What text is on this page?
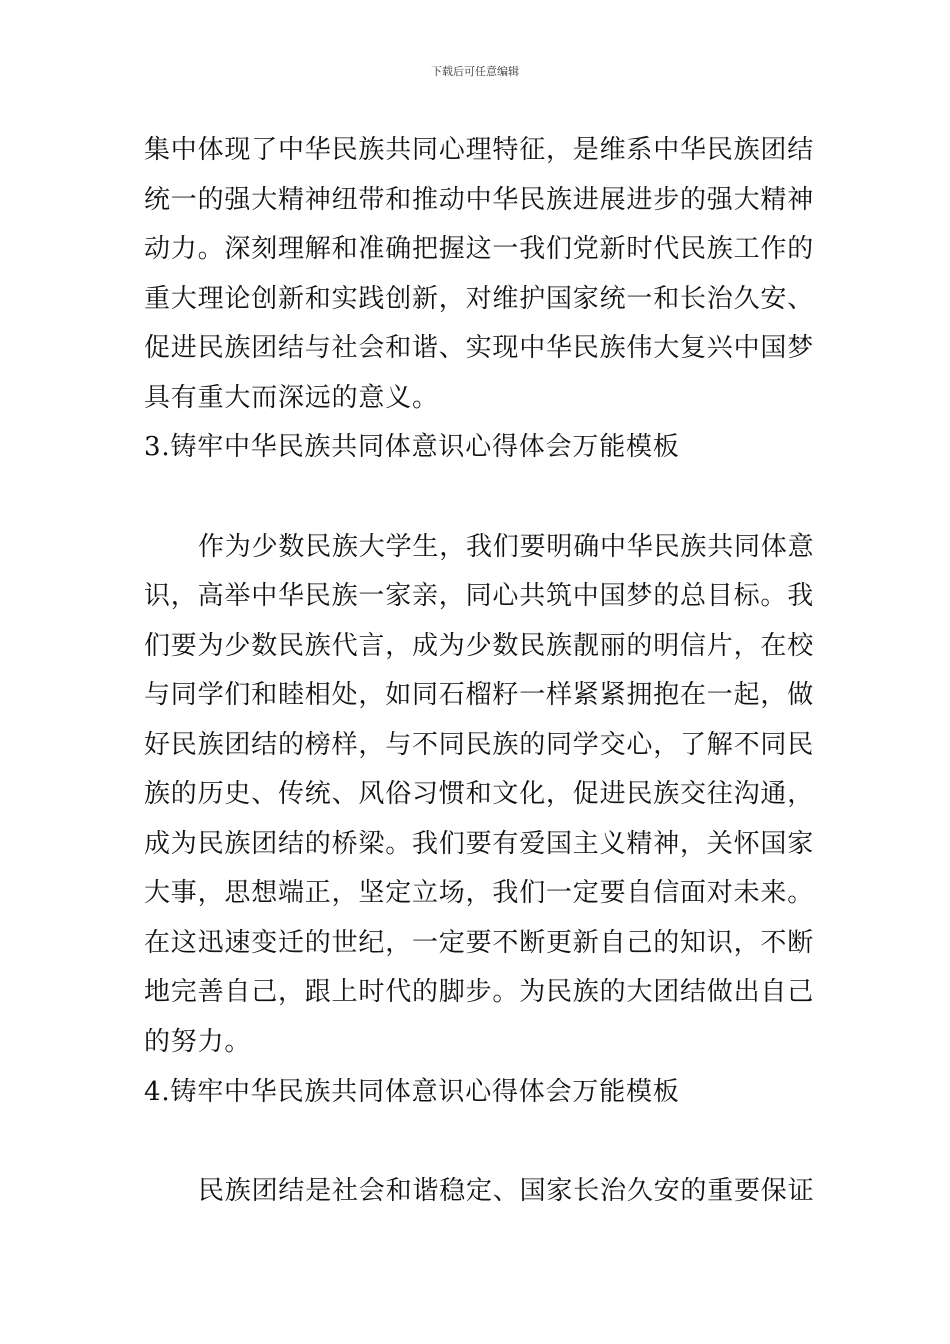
下载后可任意编辑
集中体现了中华民族共同心理特征，是维系中华民族团结
统一的强大精神纽带和推动中华民族进展进步的强大精神
动力。深刻理解和准确把握这一我们党新时代民族工作的
重大理论创新和实践创新，对维护国家统一和长治久安、
促进民族团结与社会和谐、实现中华民族伟大复兴中国梦
具有重大而深远的意义。
3.铸牢中华民族共同体意识心得体会万能模板
作为少数民族大学生，我们要明确中华民族共同体意
识，高举中华民族一家亲，同心共筑中国梦的总目标。我
们要为少数民族代言，成为少数民族靓丽的明信片，在校
与同学们和睦相处，如同石榴籽一样紧紧拥抱在一起，做
好民族团结的榜样，与不同民族的同学交心，了解不同民
族的历史、传统、风俗习惯和文化，促进民族交往沟通，
成为民族团结的桥梁。我们要有爱国主义精神，关怀国家
大事，思想端正，坚定立场，我们一定要自信面对未来。
在这迅速变迁的世纪，一定要不断更新自己的知识，不断
地完善自己，跟上时代的脚步。为民族的大团结做出自己
的努力。
4.铸牢中华民族共同体意识心得体会万能模板
民族团结是社会和谐稳定、国家长治久安的重要保证
